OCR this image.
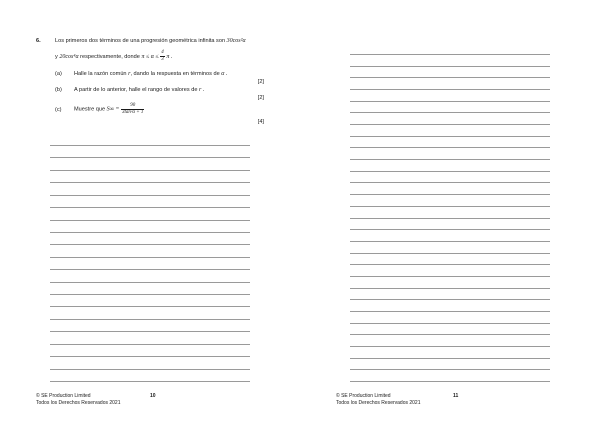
6.	Los primeros dos términos de una progresión geométrica infinita son 30cos²α
y 20cos⁴α respectivamente, donde $\pi \le \alpha \le \frac{4}{3}$ π .
(a) Halle la razón común r, dando la respuesta en términos de α .
[2]
(b) A partir de lo anterior, halle el rango de valores de r .
[2]
(c) Muestre que $S\infty = \frac{90}{\text{3tan²α + 1}}$
[4]
© SE Production Limited
Todos los Derechos Reservados 2021
10	© SE Production Limited
Todos los Derechos Reservados 2021
11
